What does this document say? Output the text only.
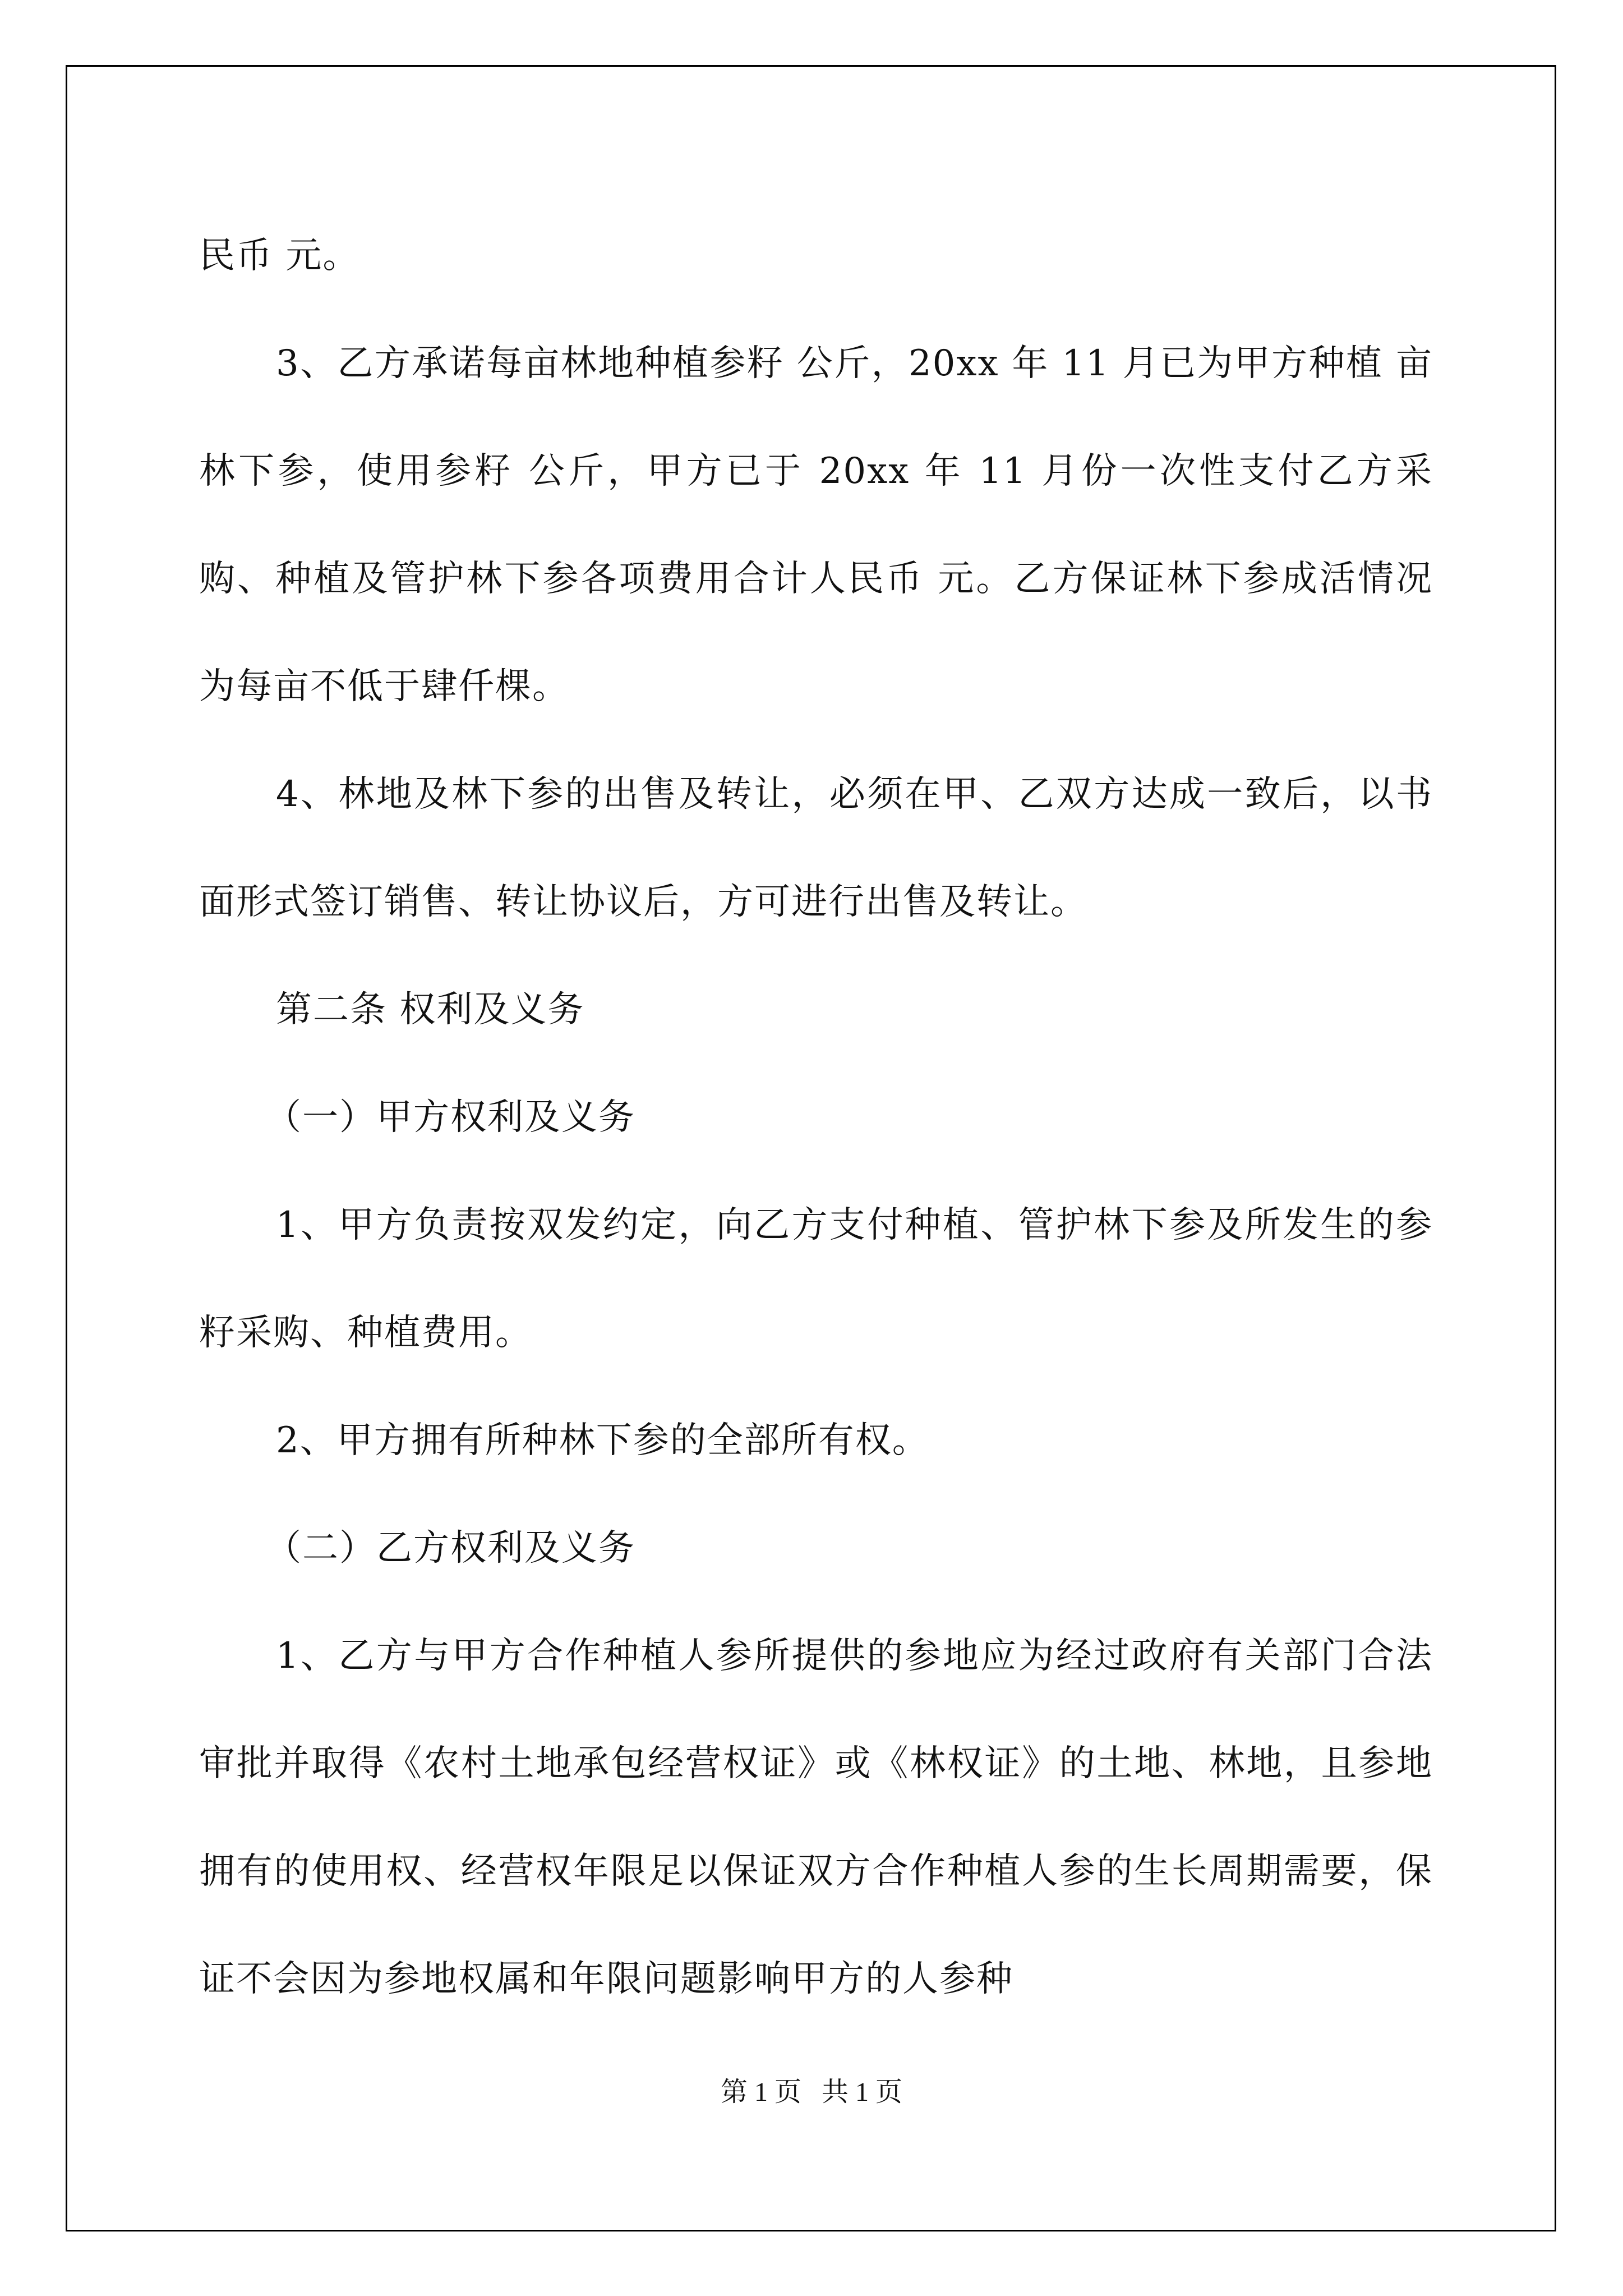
民币 元。

3、乙方承诺每亩林地种植参籽 公斤，20xx 年 11 月已为甲方种植 亩林下参，使用参籽 公斤，甲方已于 20xx 年 11 月份一次性支付乙方采购、种植及管护林下参各项费用合计人民币 元。乙方保证林下参成活情况为每亩不低于肆仟棵。

4、林地及林下参的出售及转让，必须在甲、乙双方达成一致后，以书面形式签订销售、转让协议后，方可进行出售及转让。

第二条 权利及义务

（一）甲方权利及义务

1、甲方负责按双发约定，向乙方支付种植、管护林下参及所发生的参籽采购、种植费用。

2、甲方拥有所种林下参的全部所有权。

（二）乙方权利及义务

1、乙方与甲方合作种植人参所提供的参地应为经过政府有关部门合法审批并取得《农村土地承包经营权证》或《林权证》的土地、林地，且参地拥有的使用权、经营权年限足以保证双方合作种植人参的生长周期需要，保证不会因为参地权属和年限问题影响甲方的人参种

第 1 页   共 1 页
